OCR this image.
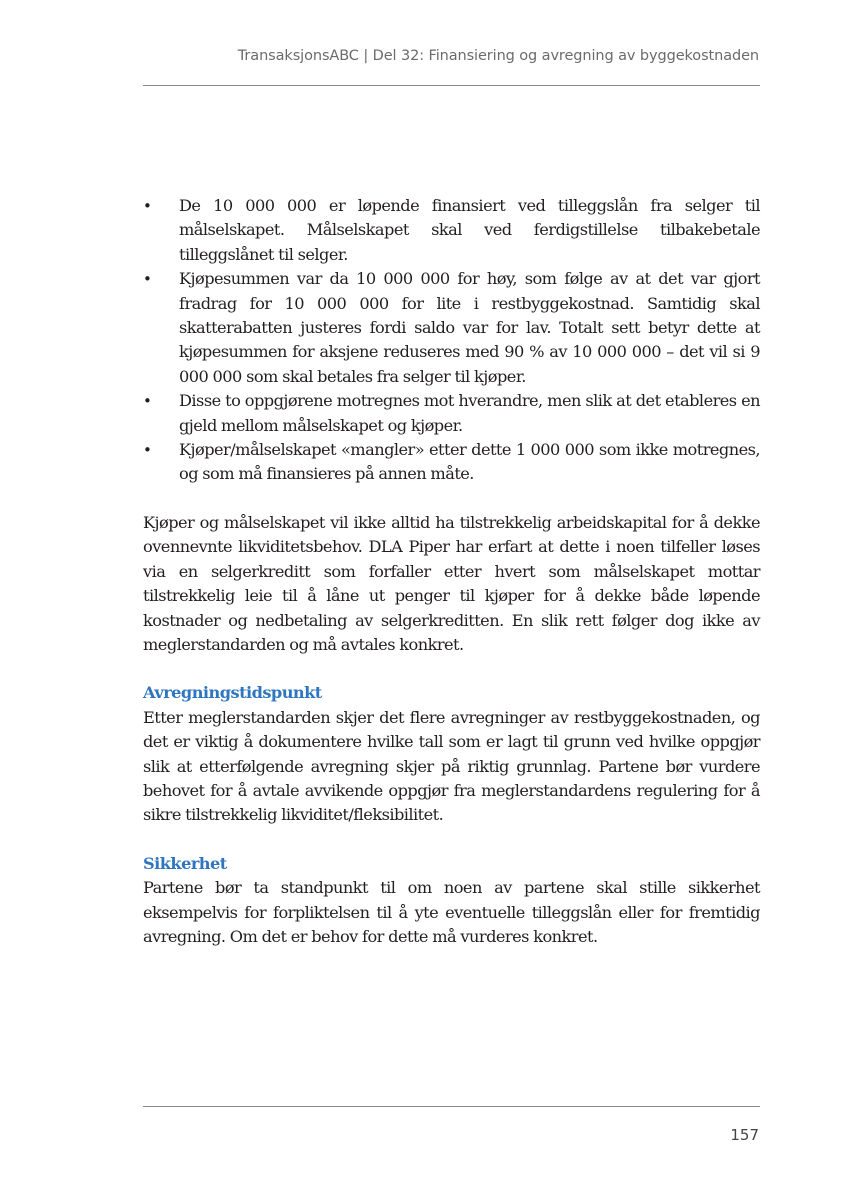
TransaksjonsABC | Del 32: Finansiering og avregning av byggekostnaden
• De 10 000 000 er løpende finansiert ved tilleggslån fra selger til målselskapet. Målselskapet skal ved ferdigstillelse tilbakebetale tilleggslånet til selger.
• Kjøpesummen var da 10 000 000 for høy, som følge av at det var gjort fradrag for 10 000 000 for lite i restbyggekostnad. Samtidig skal skatterabatten justeres fordi saldo var for lav. Totalt sett betyr dette at kjøpesummen for aksjene reduseres med 90 % av 10 000 000 – det vil si 9 000 000 som skal betales fra selger til kjøper.
• Disse to oppgjørene motregnes mot hverandre, men slik at det etableres en gjeld mellom målselskapet og kjøper.
• Kjøper/målselskapet «mangler» etter dette 1 000 000 som ikke motregnes, og som må finansieres på annen måte.

Kjøper og målselskapet vil ikke alltid ha tilstrekkelig arbeidskapital for å dekke ovennevnte likviditetsbehov. DLA Piper har erfart at dette i noen tilfeller løses via en selgerkreditt som forfaller etter hvert som målselskapet mottar tilstrekkelig leie til å låne ut penger til kjøper for å dekke både løpende kostnader og nedbetaling av selgerkreditten. En slik rett følger dog ikke av meglerstandarden og må avtales konkret.

Avregningstidspunkt

Etter meglerstandarden skjer det flere avregninger av restbyggekostnaden, og det er viktig å dokumentere hvilke tall som er lagt til grunn ved hvilke oppgjør slik at etterfølgende avregning skjer på riktig grunnlag. Partene bør vurdere behovet for å avtale avvikende oppgjør fra meglerstandardens regulering for å sikre tilstrekkelig likviditet/fleksibilitet.

Sikkerhet

Partene bør ta standpunkt til om noen av partene skal stille sikkerhet eksempelvis for forpliktelsen til å yte eventuelle tilleggslån eller for fremtidig avregning. Om det er behov for dette må vurderes konkret.

157
